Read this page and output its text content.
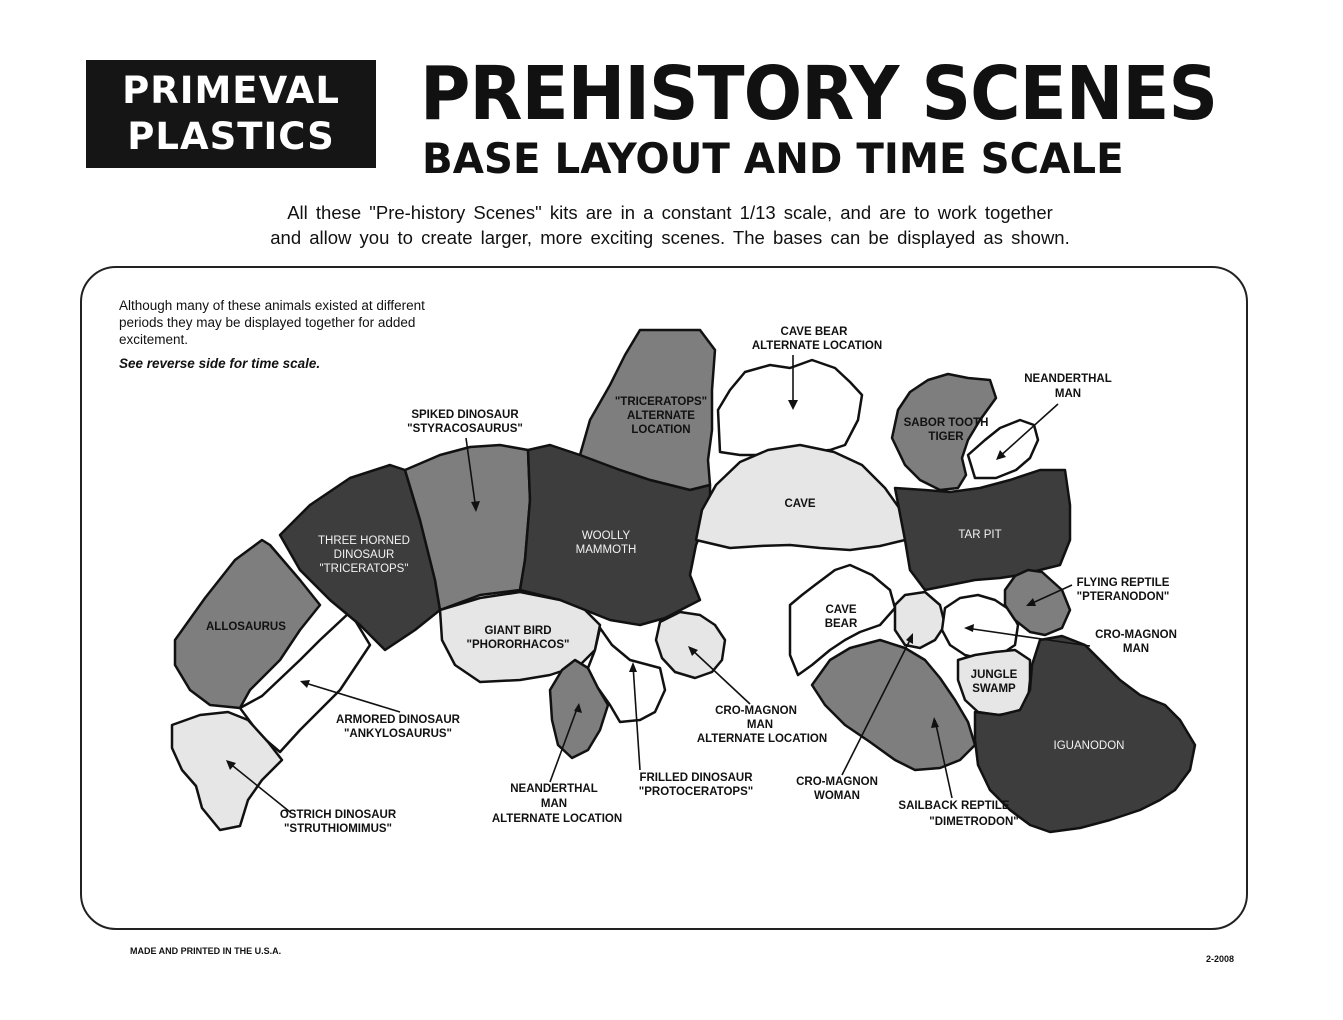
PRIMEVAL
PLASTICS	PREHISTORY SCENES
BASE LAYOUT AND TIME SCALE
All these "Pre-history Scenes" kits are in a constant 1/13 scale, and are to work together
and allow you to create larger, more exciting scenes. The bases can be displayed as shown.
Although many of these animals existed at different
periods they may be displayed together for added
excitement.
See reverse side for time scale.
ALLOSAURUS
THREE HORNED
DINOSAUR
"TRICERATOPS"
WOOLLY
MAMMOTH
"TRICERATOPS"
ALTERNATE
LOCATION
CAVE
TAR PIT
SABOR TOOTH
TIGER
GIANT BIRD
"PHORORHACOS"
CAVE
BEAR
JUNGLE
SWAMP
IGUANODON
SPIKED DINOSAUR
"STYRACOSAURUS"
CAVE BEAR
ALTERNATE LOCATION
NEANDERTHAL
MAN
FLYING REPTILE
"PTERANODON"
CRO-MAGNON
MAN
ARMORED DINOSAUR
"ANKYLOSAURUS"
OSTRICH DINOSAUR
"STRUTHIOMIMUS"
NEANDERTHAL
MAN
ALTERNATE LOCATION
FRILLED DINOSAUR
"PROTOCERATOPS"
CRO-MAGNON
MAN
ALTERNATE LOCATION
CRO-MAGNON
WOMAN
SAILBACK REPTILE
"DIMETRODON"
MADE AND PRINTED IN THE U.S.A.
2-2008
